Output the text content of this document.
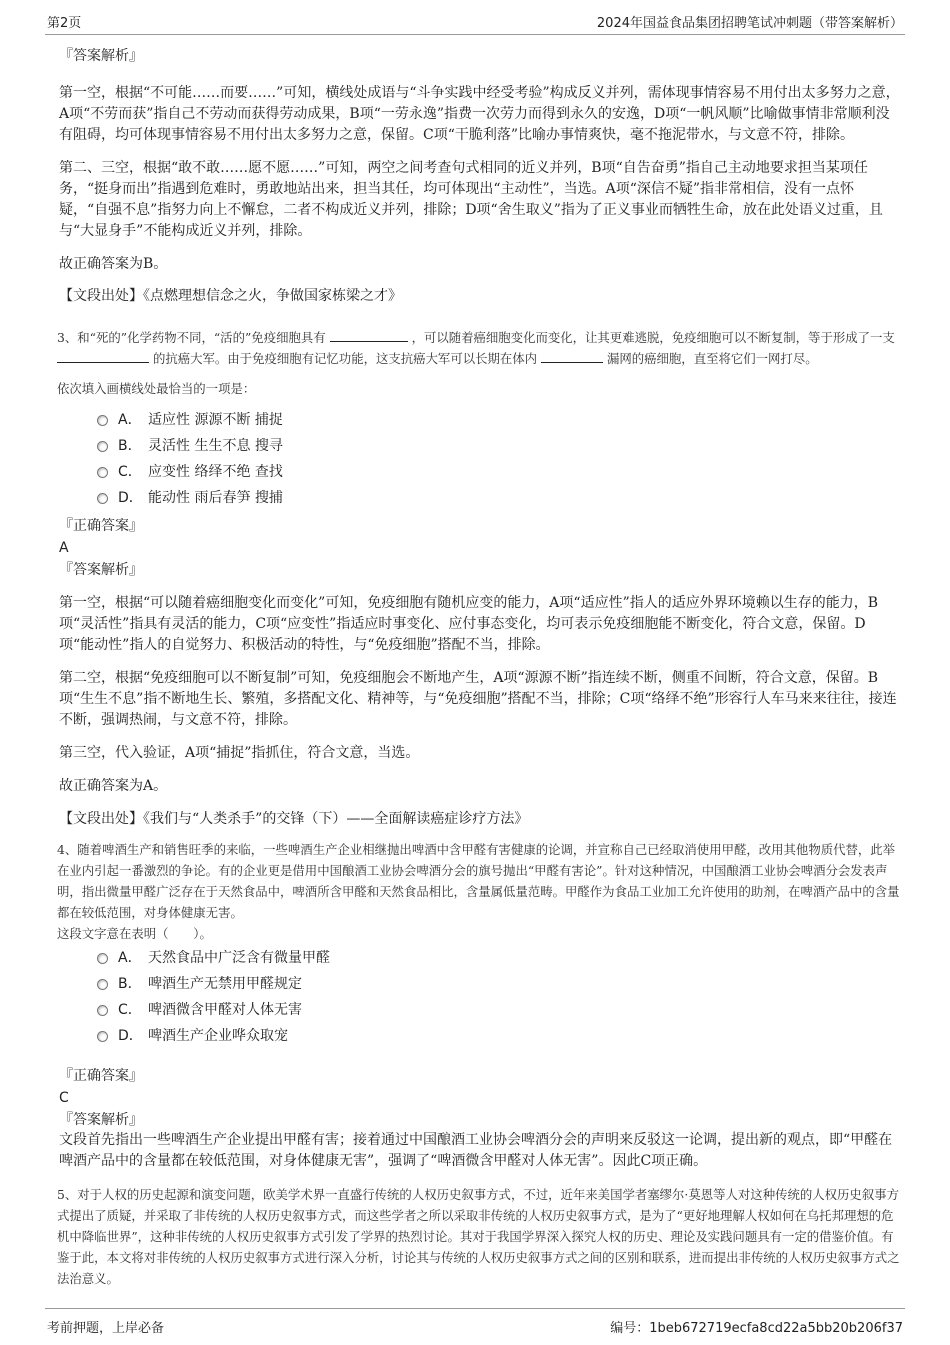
第2页	2024年国益食品集团招聘笔试冲刺题（带答案解析）

『答案解析』

第一空，根据“不可能……而要……”可知，横线处成语与“斗争实践中经受考验”构成反义并列，需体现事情容易不用付出太多努力之意，A项“不劳而获”指自己不劳动而获得劳动成果，B项“一劳永逸”指费一次劳力而得到永久的安逸，D项“一帆风顺”比喻做事情非常顺利没有阻碍，均可体现事情容易不用付出太多努力之意，保留。C项“干脆利落”比喻办事情爽快，毫不拖泥带水，与文意不符，排除。

第二、三空，根据“敢不敢……愿不愿……”可知，两空之间考查句式相同的近义并列，B项“自告奋勇”指自己主动地要求担当某项任务，“挺身而出”指遇到危难时，勇敢地站出来，担当其任，均可体现出“主动性”，当选。A项“深信不疑”指非常相信，没有一点怀疑，“自强不息”指努力向上不懈怠，二者不构成近义并列，排除；D项“舍生取义”指为了正义事业而牺牲生命，放在此处语义过重，且与“大显身手”不能构成近义并列，排除。

故正确答案为B。

【文段出处】《点燃理想信念之火，争做国家栋梁之才》

3、和“死的”化学药物不同，“活的”免疫细胞具有	，可以随着癌细胞变化而变化，让其更难逃脱，免疫细胞可以不断复制，等于形成了一支  的抗癌大军。由于免疫细胞有记忆功能，这支抗癌大军可以长期在体内	漏网的癌细胞，直至将它们一网打尽。

依次填入画横线处最恰当的一项是：

A． 适应性 源源不断 捕捉
B． 灵活性 生生不息 搜寻
C． 应变性 络绎不绝 查找
D． 能动性 雨后春笋 搜捕

『正确答案』

A

『答案解析』

第一空，根据“可以随着癌细胞变化而变化”可知，免疫细胞有随机应变的能力，A项“适应性”指人的适应外界环境赖以生存的能力，B项“灵活性”指具有灵活的能力，C项“应变性”指适应时事变化、应付事态变化，均可表示免疫细胞能不断变化，符合文意，保留。D项“能动性”指人的自觉努力、积极活动的特性，与“免疫细胞”搭配不当，排除。

第二空，根据“免疫细胞可以不断复制”可知，免疫细胞会不断地产生，A项“源源不断”指连续不断，侧重不间断，符合文意，保留。B项“生生不息”指不断地生长、繁殖，多搭配文化、精神等，与“免疫细胞”搭配不当，排除；C项“络绎不绝”形容行人车马来来往往，接连不断，强调热闹，与文意不符，排除。

第三空，代入验证，A项“捕捉”指抓住，符合文意，当选。

故正确答案为A。

【文段出处】《我们与“人类杀手”的交锋（下）——全面解读癌症诊疗方法》

4、随着啤酒生产和销售旺季的来临，一些啤酒生产企业相继抛出啤酒中含甲醛有害健康的论调，并宣称自己已经取消使用甲醛，改用其他物质代替，此举在业内引起一番激烈的争论。有的企业更是借用中国酿酒工业协会啤酒分会的旗号抛出“甲醛有害论”。针对这种情况，中国酿酒工业协会啤酒分会发表声明，指出微量甲醛广泛存在于天然食品中，啤酒所含甲醛和天然食品相比，含量属低量范畴。甲醛作为食品工业加工允许使用的助剂，在啤酒产品中的含量都在较低范围，对身体健康无害。

这段文字意在表明（　　）。

A． 天然食品中广泛含有微量甲醛
B． 啤酒生产无禁用甲醛规定
C． 啤酒微含甲醛对人体无害
D． 啤酒生产企业哗众取宠

『正确答案』

C

『答案解析』

文段首先指出一些啤酒生产企业提出甲醛有害；接着通过中国酿酒工业协会啤酒分会的声明来反驳这一论调，提出新的观点，即“甲醛在啤酒产品中的含量都在较低范围，对身体健康无害”，强调了“啤酒微含甲醛对人体无害”。因此C项正确。

5、对于人权的历史起源和演变问题，欧美学术界一直盛行传统的人权历史叙事方式，不过，近年来美国学者塞缪尔·莫恩等人对这种传统的人权历史叙事方式提出了质疑，并采取了非传统的人权历史叙事方式，而这些学者之所以采取非传统的人权历史叙事方式，是为了“更好地理解人权如何在乌托邦理想的危机中降临世界”，这种非传统的人权历史叙事方式引发了学界的热烈讨论。其对于我国学界深入探究人权的历史、理论及实践问题具有一定的借鉴价值。有鉴于此，本文将对非传统的人权历史叙事方式进行深入分析，讨论其与传统的人权历史叙事方式之间的区别和联系，进而提出非传统的人权历史叙事方式之法治意义。

考前押题，上岸必备	编号：1beb672719ecfa8cd22a5bb20b206f37
